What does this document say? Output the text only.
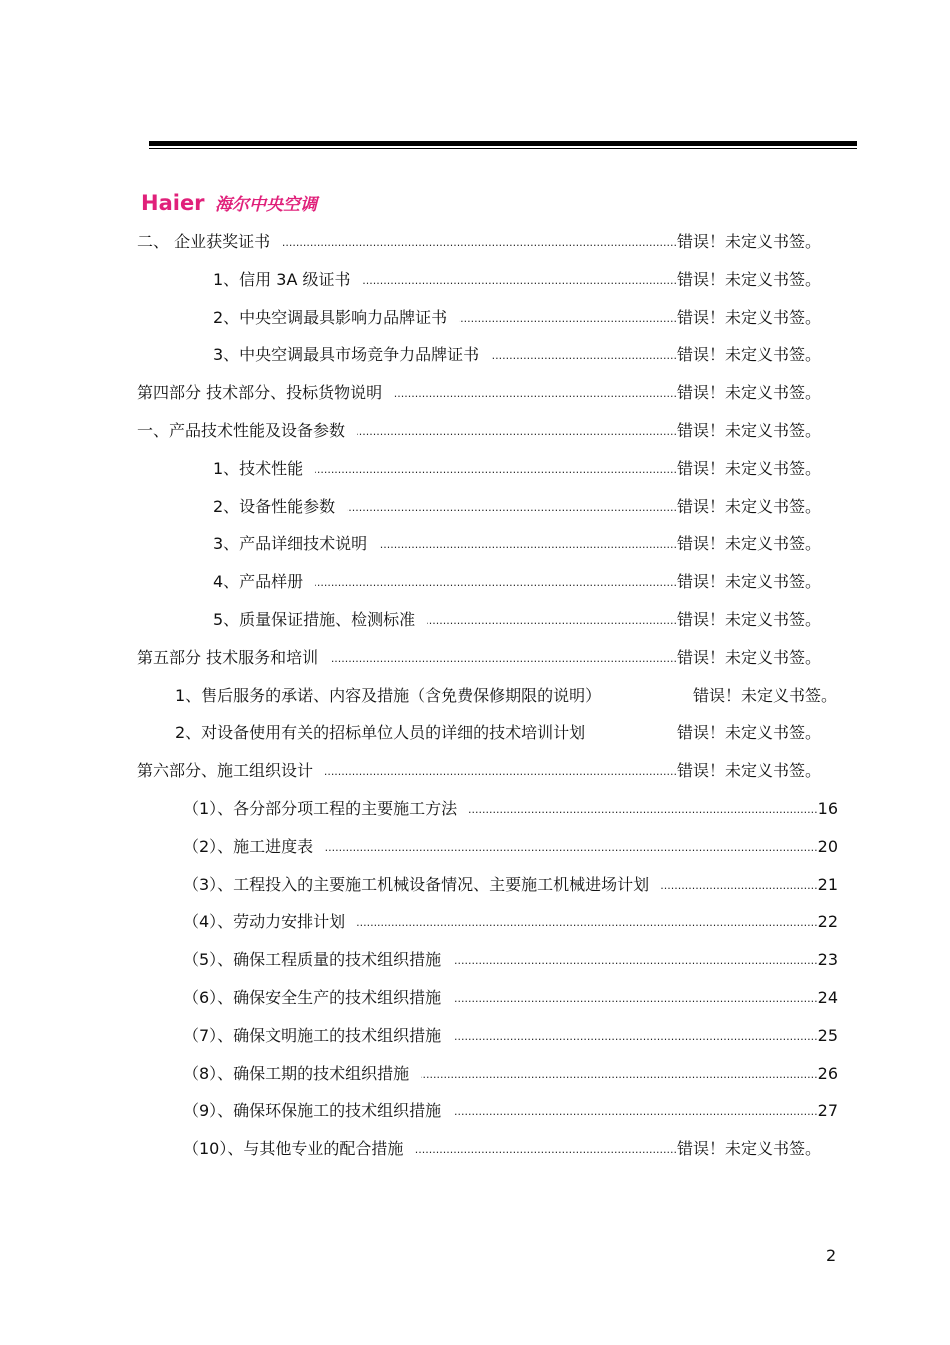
Haier 海尔中央空调
二、 企业获奖证书 .....	错误！未定义书签。
1、信用 3A 级证书 .....	错误！未定义书签。
2、中央空调最具影响力品牌证书 .....	错误！未定义书签。
3、中央空调最具市场竞争力品牌证书 .....	错误！未定义书签。
第四部分 技术部分、投标货物说明 .....	错误！未定义书签。
一、产品技术性能及设备参数 .....	错误！未定义书签。
1、技术性能 .....	错误！未定义书签。
2、设备性能参数 .....	错误！未定义书签。
3、产品详细技术说明 .....	错误！未定义书签。
4、产品样册 .....	错误！未定义书签。
5、质量保证措施、检测标准 .....	错误！未定义书签。
第五部分 技术服务和培训 .....	错误！未定义书签。
1、售后服务的承诺、内容及措施（含免费保修期限的说明）	错误！未定义书签。
2、对设备使用有关的招标单位人员的详细的技术培训计划	错误！未定义书签。
第六部分、施工组织设计 .....	错误！未定义书签。
（1）、各分部分项工程的主要施工方法 .....	16
（2）、施工进度表 .....	20
（3）、工程投入的主要施工机械设备情况、主要施工机械进场计划 .....	21
（4）、劳动力安排计划 .....	22
（5）、确保工程质量的技术组织措施 .....	23
（6）、确保安全生产的技术组织措施 .....	24
（7）、确保文明施工的技术组织措施 .....	25
（8）、确保工期的技术组织措施 .....	26
（9）、确保环保施工的技术组织措施 .....	27
（10）、与其他专业的配合措施 .....	错误！未定义书签。
2
